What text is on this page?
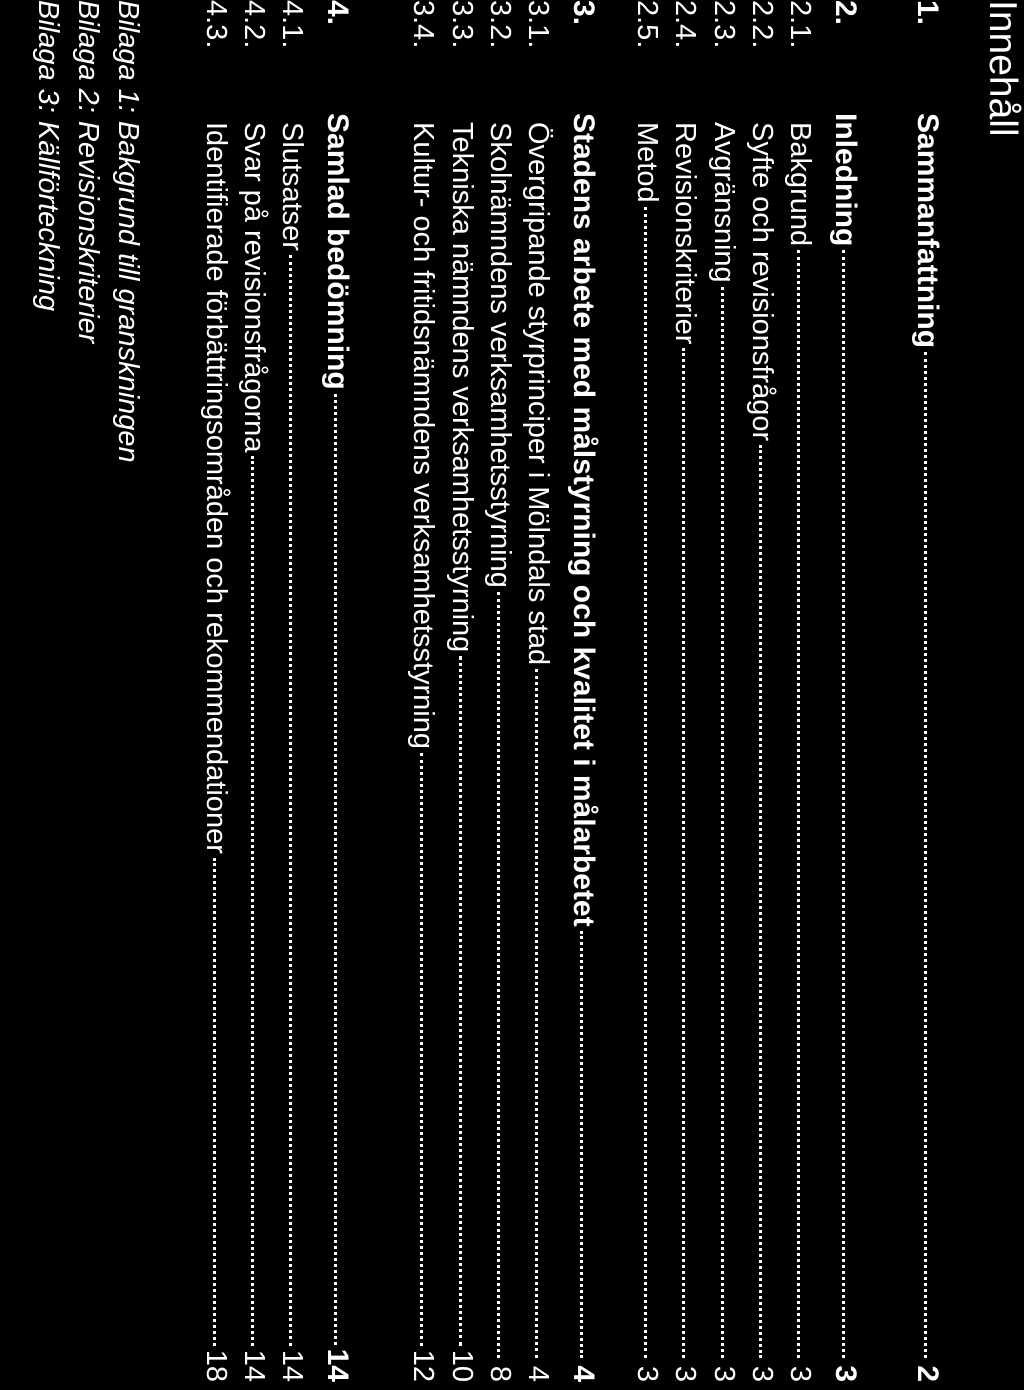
Innehåll
1.
Sammanfattning
2
2.
Inledning
3
2.1.
Bakgrund
3
2.2.
Syfte och revisionsfrågor
3
2.3.
Avgränsning
3
2.4.
Revisionskriterier
3
2.5.
Metod
3
3.
Stadens arbete med målstyrning och kvalitet i målarbetet
4
3.1.
Övergripande styrprinciper i Mölndals stad
4
3.2.
Skolnämndens verksamhetsstyrning
8
3.3.
Tekniska nämndens verksamhetsstyrning
10
3.4.
Kultur- och fritidsnämndens verksamhetsstyrning
12
4.
Samlad bedömning
14
4.1.
Slutsatser
14
4.2.
Svar på revisionsfrågorna
14
4.3.
Identifierade förbättringsområden och rekommendationer
18
Bilaga 1: Bakgrund till granskningen
Bilaga 2: Revisionskriterier
Bilaga 3: Källförteckning
